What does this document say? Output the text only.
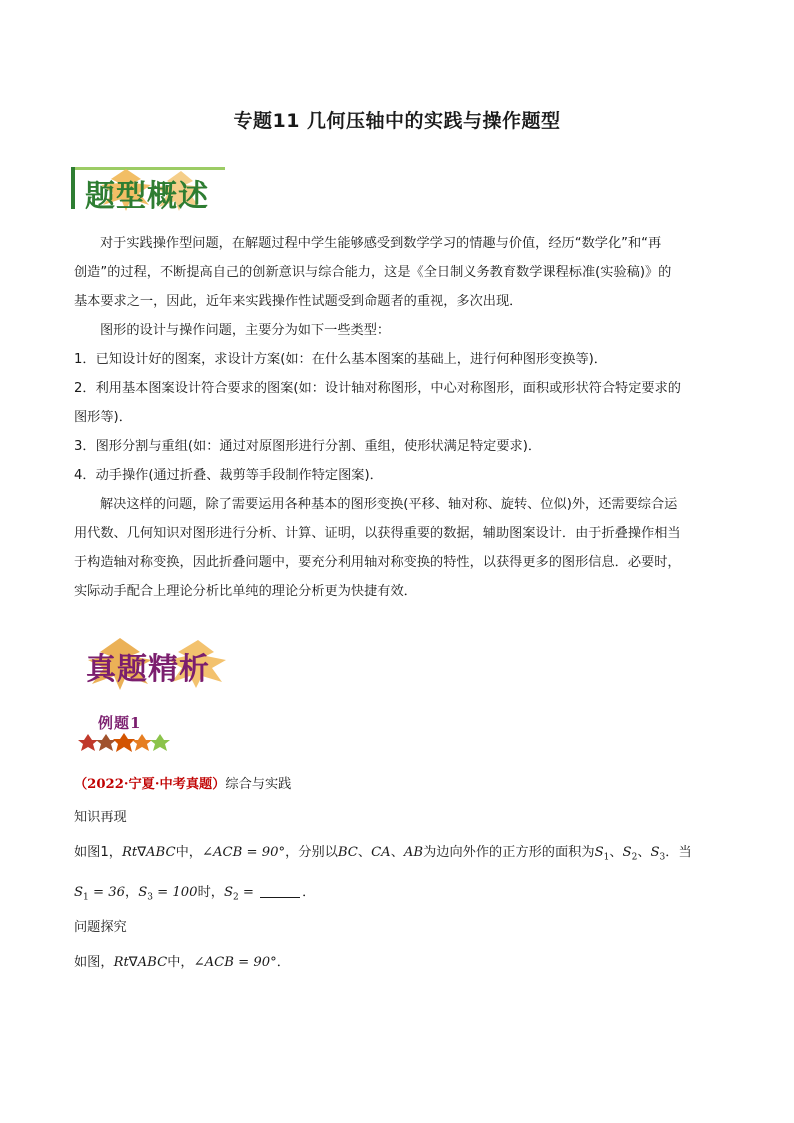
专题11 几何压轴中的实践与操作题型
题型概述
对于实践操作型问题，在解题过程中学生能够感受到数学学习的情趣与价值，经历“数学化”和“再
创造”的过程，不断提高自己的创新意识与综合能力，这是《全日制义务教育数学课程标准(实验稿)》的
基本要求之一，因此，近年来实践操作性试题受到命题者的重视，多次出现．
图形的设计与操作问题，主要分为如下一些类型：
1．已知设计好的图案，求设计方案(如：在什么基本图案的基础上，进行何种图形变换等)．
2．利用基本图案设计符合要求的图案(如：设计轴对称图形，中心对称图形，面积或形状符合特定要求的
图形等)．
3．图形分割与重组(如：通过对原图形进行分割、重组，使形状满足特定要求)．
4．动手操作(通过折叠、裁剪等手段制作特定图案)．
解决这样的问题，除了需要运用各种基本的图形变换(平移、轴对称、旋转、位似)外，还需要综合运
用代数、几何知识对图形进行分析、计算、证明，以获得重要的数据，辅助图案设计．由于折叠操作相当
于构造轴对称变换，因此折叠问题中，要充分利用轴对称变换的特性，以获得更多的图形信息．必要时，
实际动手配合上理论分析比单纯的理论分析更为快捷有效．
真题精析
例题1
（2022·宁夏·中考真题）综合与实践
知识再现
如图1，Rt∇ABC中，∠ACB = 90°，分别以BC、CA、AB为边向外作的正方形的面积为$S_1$、$S_2$、$S_3$．当
$S_1 = 36$，$S_3 = 100$时，$S_2$ =	．
问题探究
如图，Rt∇ABC中，∠ACB = 90°．
